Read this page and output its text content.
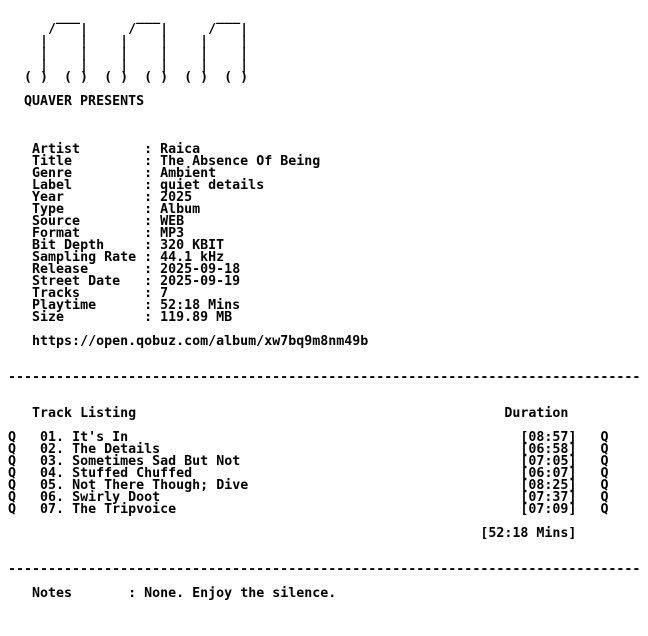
___       ___       ___
/   |     /   |     /   |
|    |    |    |    |    |
|    |    |    |    |    |
|    |    |    |    |    |
( )  ( )  ( )  ( )  ( )  ( )

QUAVER PRESENTS

Artist        : Raica
Title         : The Absence Of Being
Genre         : Ambient
Label         : quiet details
Year          : 2025
Type          : Album
Source        : WEB
Format        : MP3
Bit Depth     : 320 KBIT
Sampling Rate : 44.1 kHz
Release       : 2025-09-18
Street Date   : 2025-09-19
Tracks        : 7
Playtime      : 52:18 Mins
Size          : 119.89 MB

https://open.qobuz.com/album/xw7bq9m8nm49b

-------------------------------------------------------------------------------

Track Listing	Duration

Q 01. It's In	[08:57] Q
Q 02. The Details	[06:58] Q
Q 03. Sometimes Sad But Not	[07:05] Q
Q 04. Stuffed Chuffed	[06:07] Q
Q 05. Not There Though; Dive	[08:25] Q
Q 06. Swirly Doot	[07:37] Q
Q 07. The Tripvoice	[07:09] Q

[52:18 Mins]

-------------------------------------------------------------------------------

Notes       : None. Enjoy the silence.
